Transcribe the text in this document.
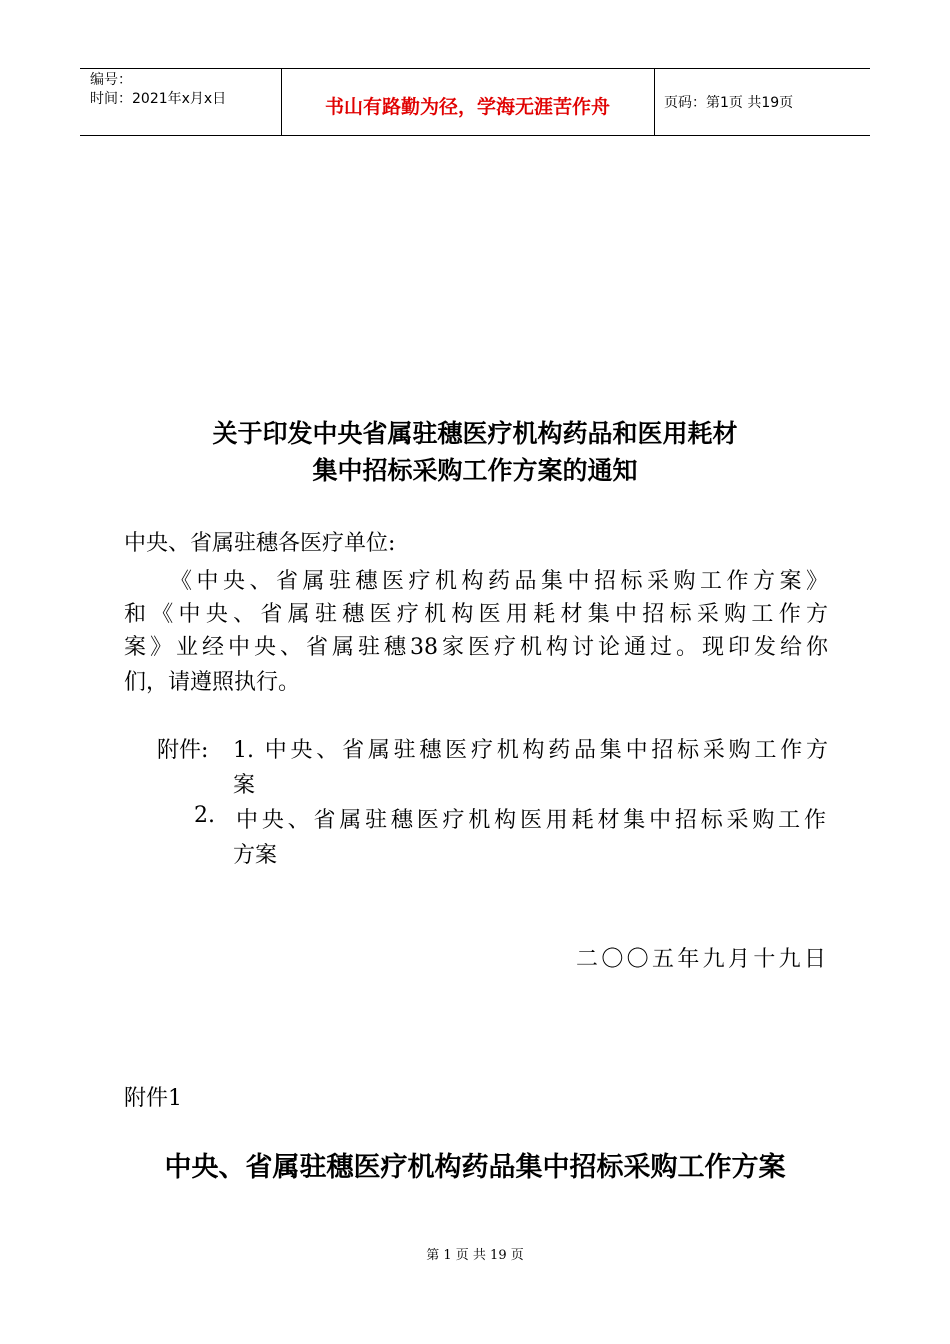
编号：
时间：2021年x月x日	书山有路勤为径，学海无涯苦作舟	页码：第1页 共19页
关于印发中央省属驻穗医疗机构药品和医用耗材
集中招标采购工作方案的通知
中央、省属驻穗各医疗单位:
《中央、省属驻穗医疗机构药品集中招标采购工作方案》
和《中央、省属驻穗医疗机构医用耗材集中招标采购工作方
案》业经中央、省属驻穗38家医疗机构讨论通过。现印发给你
们，请遵照执行。
附件: 1. 中央、省属驻穗医疗机构药品集中招标采购工作方
案
2. 中央、省属驻穗医疗机构医用耗材集中招标采购工作
方案
二〇〇五年九月十九日
附件1
中央、省属驻穗医疗机构药品集中招标采购工作方案
第 1 页 共 19 页
